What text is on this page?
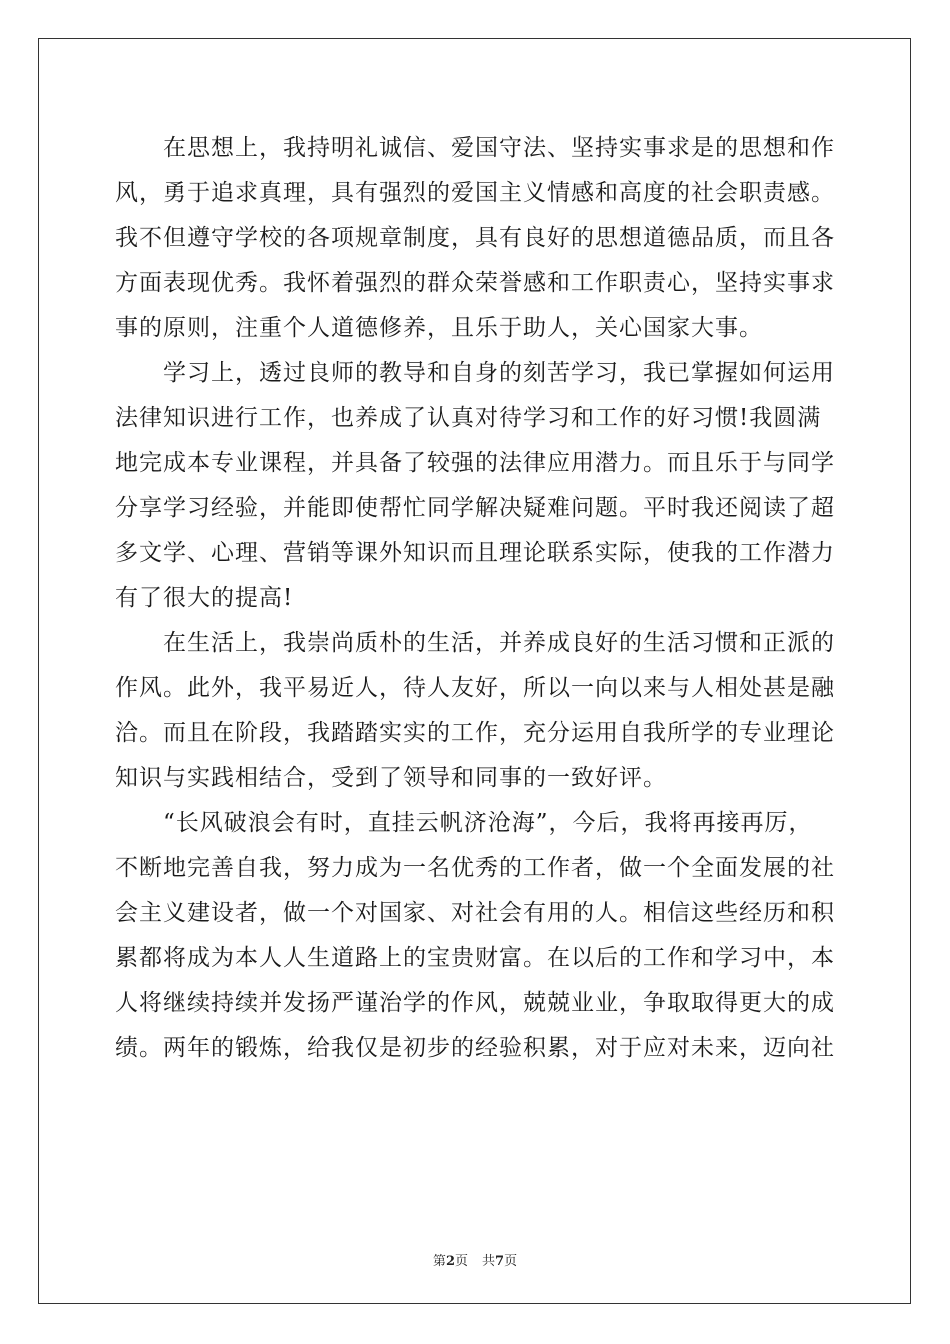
在思想上，我持明礼诚信、爱国守法、坚持实事求是的思想和作
风，勇于追求真理，具有强烈的爱国主义情感和高度的社会职责感。
我不但遵守学校的各项规章制度，具有良好的思想道德品质，而且各
方面表现优秀。我怀着强烈的群众荣誉感和工作职责心，坚持实事求
事的原则，注重个人道德修养，且乐于助人，关心国家大事。
学习上，透过良师的教导和自身的刻苦学习，我已掌握如何运用
法律知识进行工作，也养成了认真对待学习和工作的好习惯!我圆满
地完成本专业课程，并具备了较强的法律应用潜力。而且乐于与同学
分享学习经验，并能即使帮忙同学解决疑难问题。平时我还阅读了超
多文学、心理、营销等课外知识而且理论联系实际，使我的工作潜力
有了很大的提高!
在生活上，我崇尚质朴的生活，并养成良好的生活习惯和正派的
作风。此外，我平易近人，待人友好，所以一向以来与人相处甚是融
洽。而且在阶段，我踏踏实实的工作，充分运用自我所学的专业理论
知识与实践相结合，受到了领导和同事的一致好评。
“长风破浪会有时，直挂云帆济沧海”，今后，我将再接再厉，
不断地完善自我，努力成为一名优秀的工作者，做一个全面发展的社
会主义建设者，做一个对国家、对社会有用的人。相信这些经历和积
累都将成为本人人生道路上的宝贵财富。在以后的工作和学习中，本
人将继续持续并发扬严谨治学的作风，兢兢业业，争取取得更大的成
绩。两年的锻炼，给我仅是初步的经验积累，对于应对未来，迈向社
第2页 共7页
